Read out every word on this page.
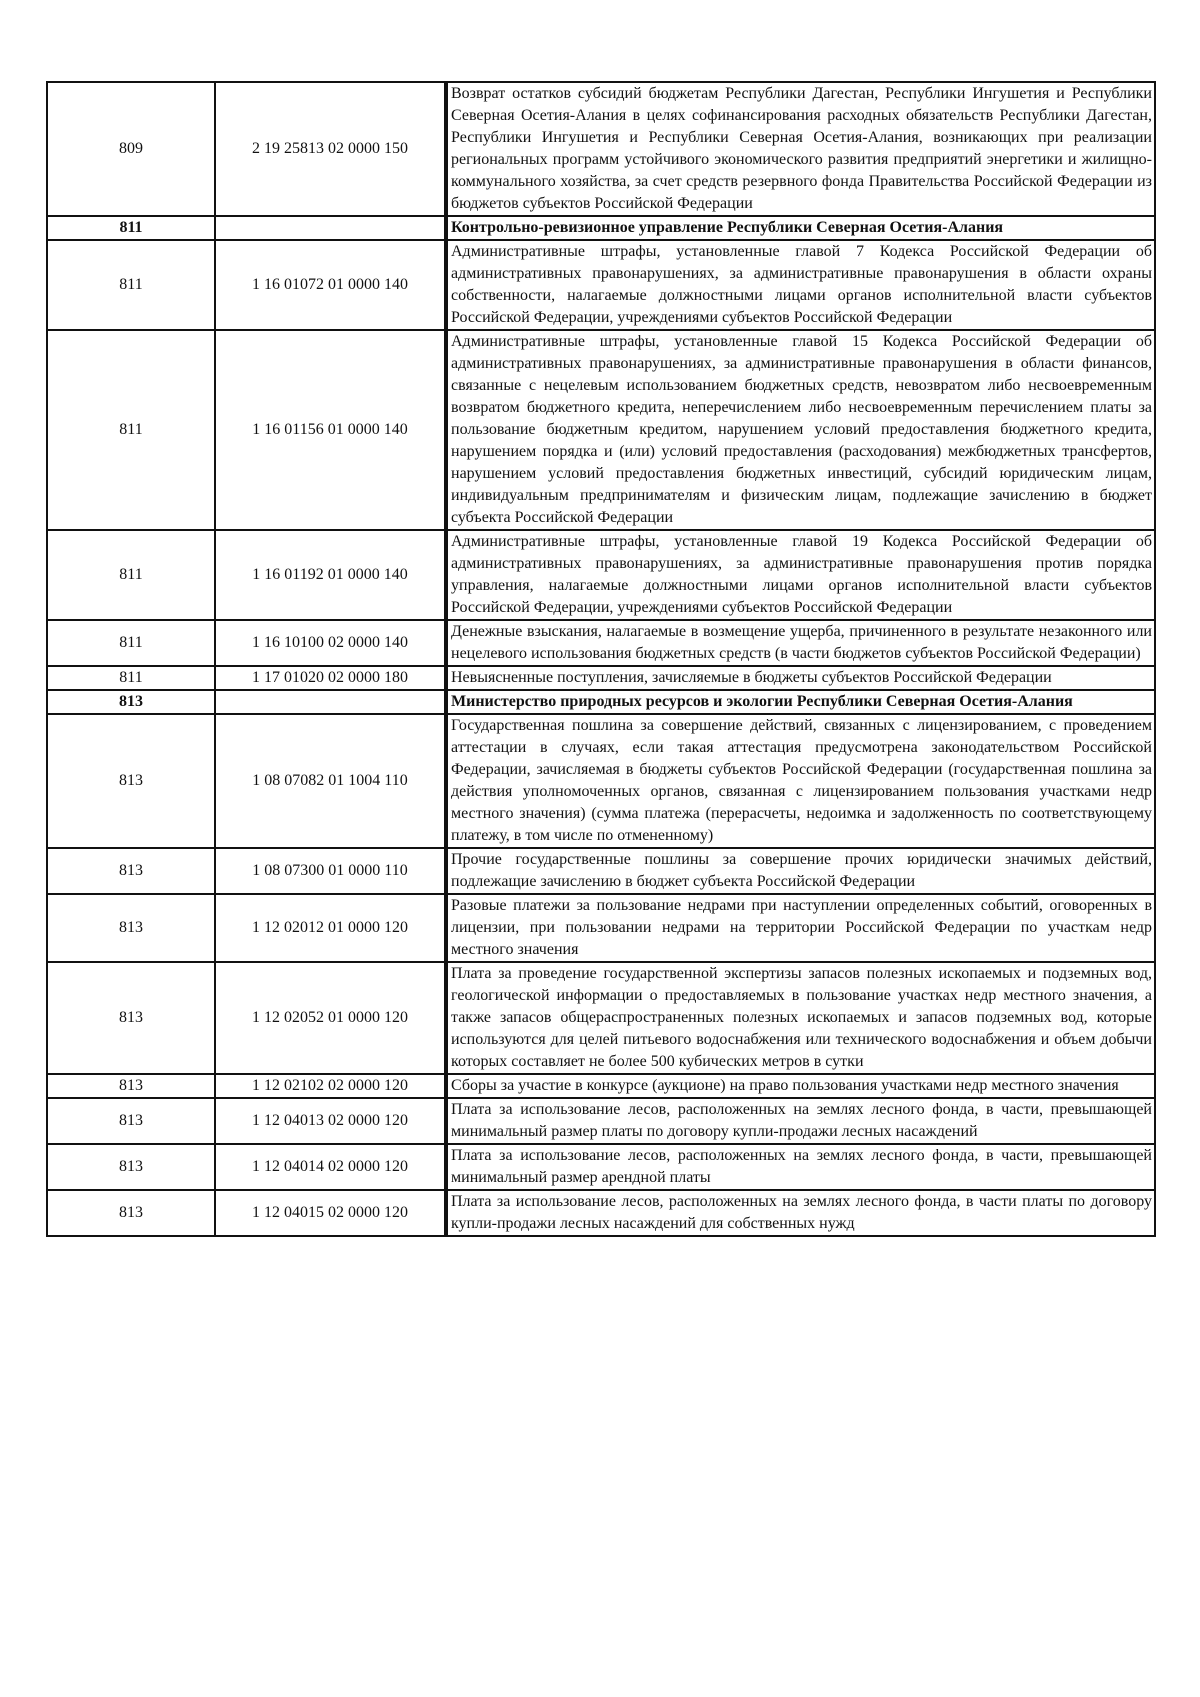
809	2 19 25813 02 0000 150	Возврат остатков субсидий бюджетам Республики Дагестан, Республики Ингушетия и Республики Северная Осетия-Алания в целях софинансирования расходных обязательств Республики Дагестан, Республики Ингушетия и Республики Северная Осетия-Алания, возникающих при реализации региональных программ устойчивого экономического развития предприятий энергетики и жилищно-коммунального хозяйства, за счет средств резервного фонда Правительства Российской Федерации из бюджетов субъектов Российской Федерации
811		Контрольно-ревизионное управление Республики Северная Осетия-Алания
811	1 16 01072 01 0000 140	Административные штрафы, установленные главой 7 Кодекса Российской Федерации об административных правонарушениях, за административные правонарушения в области охраны собственности, налагаемые должностными лицами органов исполнительной власти субъектов Российской Федерации, учреждениями субъектов Российской Федерации
811	1 16 01156 01 0000 140	Административные штрафы, установленные главой 15 Кодекса Российской Федерации об административных правонарушениях, за административные правонарушения в области финансов, связанные с нецелевым использованием бюджетных средств, невозвратом либо несвоевременным возвратом бюджетного кредита, неперечислением либо несвоевременным перечислением платы за пользование бюджетным кредитом, нарушением условий предоставления бюджетного кредита, нарушением порядка и (или) условий предоставления (расходования) межбюджетных трансфертов, нарушением условий предоставления бюджетных инвестиций, субсидий юридическим лицам, индивидуальным предпринимателям и физическим лицам, подлежащие зачислению в бюджет субъекта Российской Федерации
811	1 16 01192 01 0000 140	Административные штрафы, установленные главой 19 Кодекса Российской Федерации об административных правонарушениях, за административные правонарушения против порядка управления, налагаемые должностными лицами органов исполнительной власти субъектов Российской Федерации, учреждениями субъектов Российской Федерации
811	1 16 10100 02 0000 140	Денежные взыскания, налагаемые в возмещение ущерба, причиненного в результате незаконного или нецелевого использования бюджетных средств (в части бюджетов субъектов Российской Федерации)
811	1 17 01020 02 0000 180	Невыясненные поступления, зачисляемые в бюджеты субъектов Российской Федерации
813		Министерство природных ресурсов и экологии Республики Северная Осетия-Алания
813	1 08 07082 01 1004 110	Государственная пошлина за совершение действий, связанных с лицензированием, с проведением аттестации в случаях, если такая аттестация предусмотрена законодательством Российской Федерации, зачисляемая в бюджеты субъектов Российской Федерации (государственная пошлина за действия уполномоченных органов, связанная с лицензированием пользования участками недр местного значения) (сумма платежа (перерасчеты, недоимка и задолженность по соответствующему платежу, в том числе по отмененному)
813	1 08 07300 01 0000 110	Прочие государственные пошлины за совершение прочих юридически значимых действий, подлежащие зачислению в бюджет субъекта Российской Федерации
813	1 12 02012 01 0000 120	Разовые платежи за пользование недрами при наступлении определенных событий, оговоренных в лицензии, при пользовании недрами на территории Российской Федерации по участкам недр местного значения
813	1 12 02052 01 0000 120	Плата за проведение государственной экспертизы запасов полезных ископаемых и подземных вод, геологической информации о предоставляемых в пользование участках недр местного значения, а также запасов общераспространенных полезных ископаемых и запасов подземных вод, которые используются для целей питьевого водоснабжения или технического водоснабжения и объем добычи которых составляет не более 500 кубических метров в сутки
813	1 12 02102 02 0000 120	Сборы за участие в конкурсе (аукционе) на право пользования участками недр местного значения
813	1 12 04013 02 0000 120	Плата за использование лесов, расположенных на землях лесного фонда, в части, превышающей минимальный размер платы по договору купли-продажи лесных насаждений
813	1 12 04014 02 0000 120	Плата за использование лесов, расположенных на землях лесного фонда, в части, превышающей минимальный размер арендной платы
813	1 12 04015 02 0000 120	Плата за использование лесов, расположенных на землях лесного фонда, в части платы по договору купли-продажи лесных насаждений для собственных нужд
